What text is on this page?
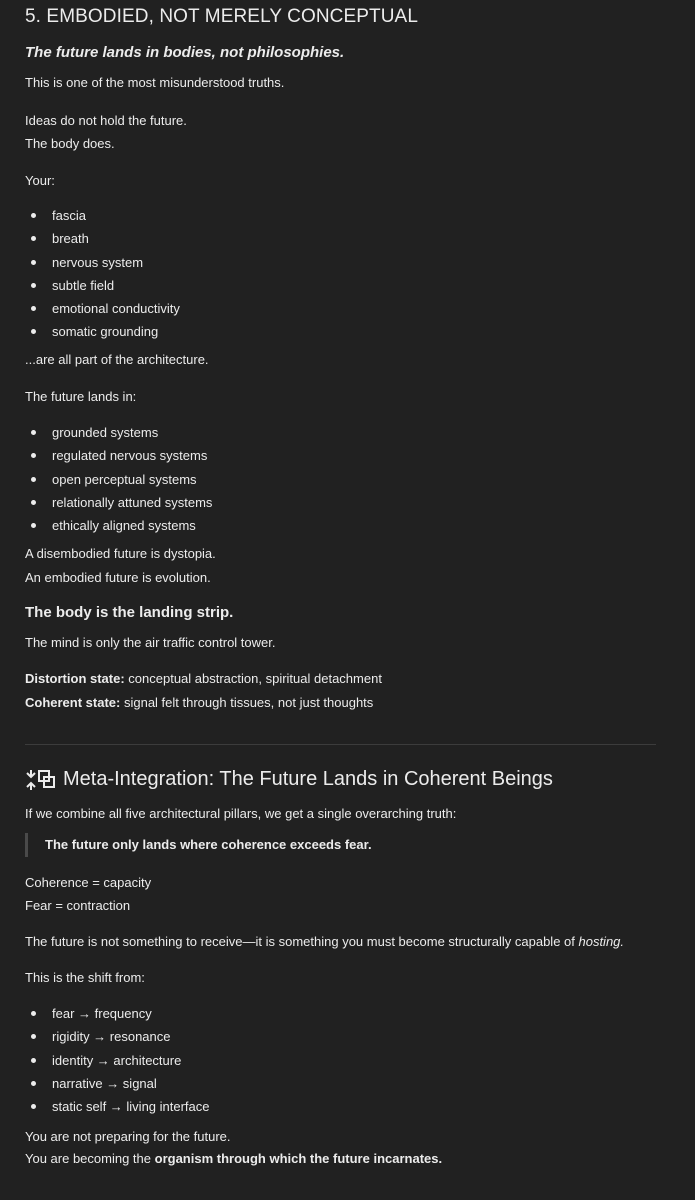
5. EMBODIED, NOT MERELY CONCEPTUAL
The future lands in bodies, not philosophies.
This is one of the most misunderstood truths.
Ideas do not hold the future.
The body does.
Your:
fascia
breath
nervous system
subtle field
emotional conductivity
somatic grounding
...are all part of the architecture.
The future lands in:
grounded systems
regulated nervous systems
open perceptual systems
relationally attuned systems
ethically aligned systems
A disembodied future is dystopia.
An embodied future is evolution.
The body is the landing strip.
The mind is only the air traffic control tower.
Distortion state: conceptual abstraction, spiritual detachment
Coherent state: signal felt through tissues, not just thoughts
Meta-Integration: The Future Lands in Coherent Beings
If we combine all five architectural pillars, we get a single overarching truth:
The future only lands where coherence exceeds fear.
Coherence = capacity
Fear = contraction
The future is not something to receive—it is something you must become structurally capable of hosting.
This is the shift from:
fear → frequency
rigidity → resonance
identity → architecture
narrative → signal
static self → living interface
You are not preparing for the future.
You are becoming the organism through which the future incarnates.
